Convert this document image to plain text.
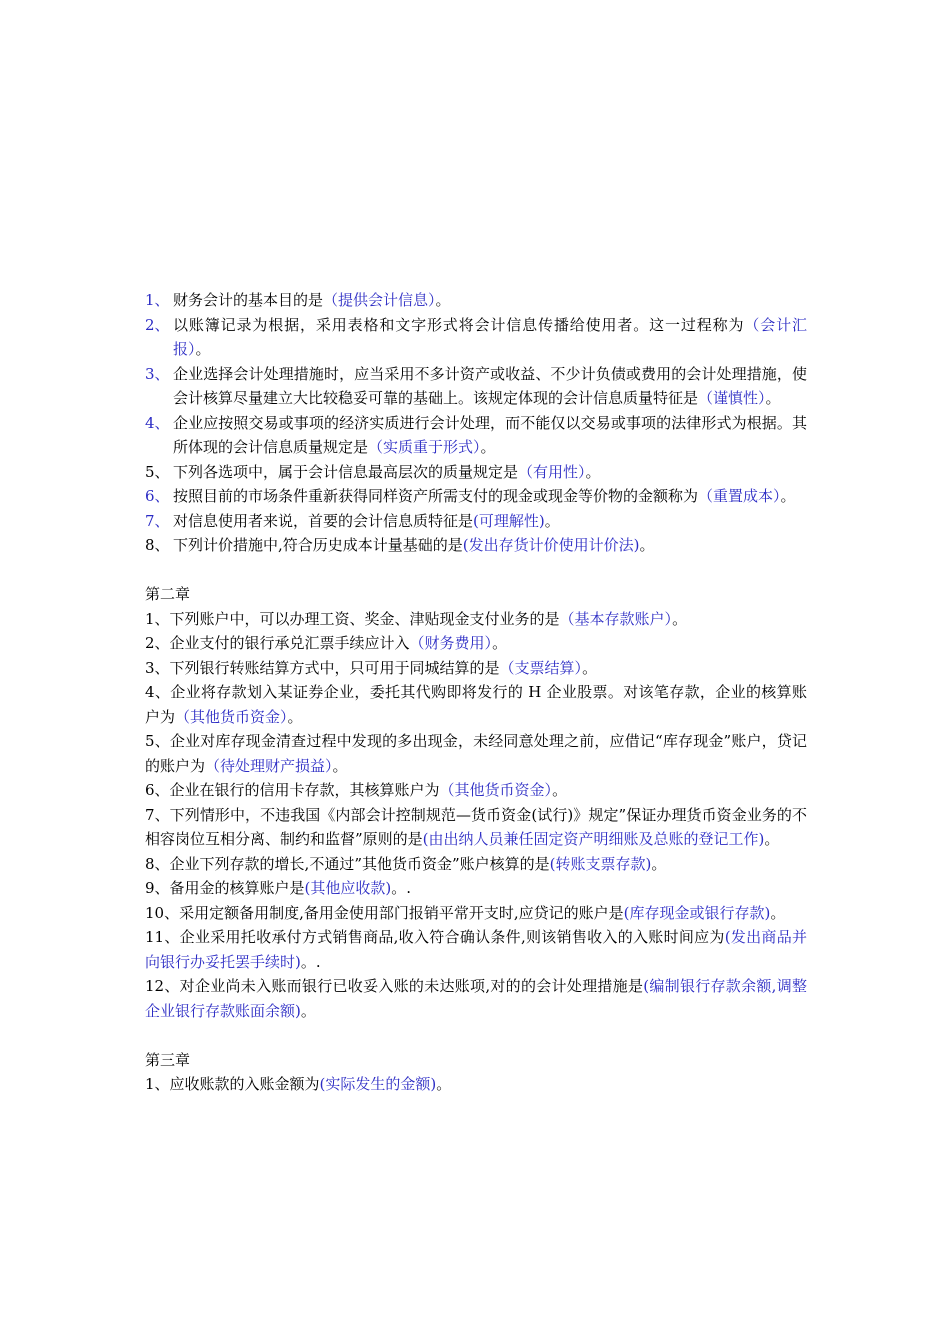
1、 财务会计的基本目的是（提供会计信息）。

2、 以账簿记录为根据，采用表格和文字形式将会计信息传播给使用者。这一过程称为（会计汇报）。

3、 企业选择会计处理措施时，应当采用不多计资产或收益、不少计负债或费用的会计处理措施，使会计核算尽量建立大比较稳妥可靠的基础上。该规定体现的会计信息质量特征是（谨慎性）。

4、 企业应按照交易或事项的经济实质进行会计处理，而不能仅以交易或事项的法律形式为根据。其所体现的会计信息质量规定是（实质重于形式）。

5、 下列各选项中，属于会计信息最高层次的质量规定是（有用性）。

6、 按照目前的市场条件重新获得同样资产所需支付的现金或现金等价物的金额称为（重置成本）。

7、 对信息使用者来说，首要的会计信息质特征是(可理解性)。

8、 下列计价措施中,符合历史成本计量基础的是(发出存货计价使用计价法)。

第二章

1、下列账户中，可以办理工资、奖金、津贴现金支付业务的是（基本存款账户）。

2、企业支付的银行承兑汇票手续应计入（财务费用）。

3、下列银行转账结算方式中，只可用于同城结算的是（支票结算）。

4、企业将存款划入某证券企业，委托其代购即将发行的 H 企业股票。对该笔存款，企业的核算账户为（其他货币资金）。

5、企业对库存现金清查过程中发现的多出现金，未经同意处理之前，应借记“库存现金”账户，贷记的账户为（待处理财产损益）。

6、企业在银行的信用卡存款，其核算账户为（其他货币资金）。

7、下列情形中，不违我国《内部会计控制规范—货币资金(试行)》规定”保证办理货币资金业务的不相容岗位互相分离、制约和监督”原则的是(由出纳人员兼任固定资产明细账及总账的登记工作)。

8、企业下列存款的增长,不通过”其他货币资金”账户核算的是(转账支票存款)。

9、备用金的核算账户是(其他应收款)。.

10、采用定额备用制度,备用金使用部门报销平常开支时,应贷记的账户是(库存现金或银行存款)。

11、企业采用托收承付方式销售商品,收入符合确认条件,则该销售收入的入账时间应为(发出商品并向银行办妥托罢手续时)。.

12、对企业尚未入账而银行已收妥入账的未达账项,对的的会计处理措施是(编制银行存款余额,调整企业银行存款账面余额)。

第三章

1、应收账款的入账金额为(实际发生的金额)。
